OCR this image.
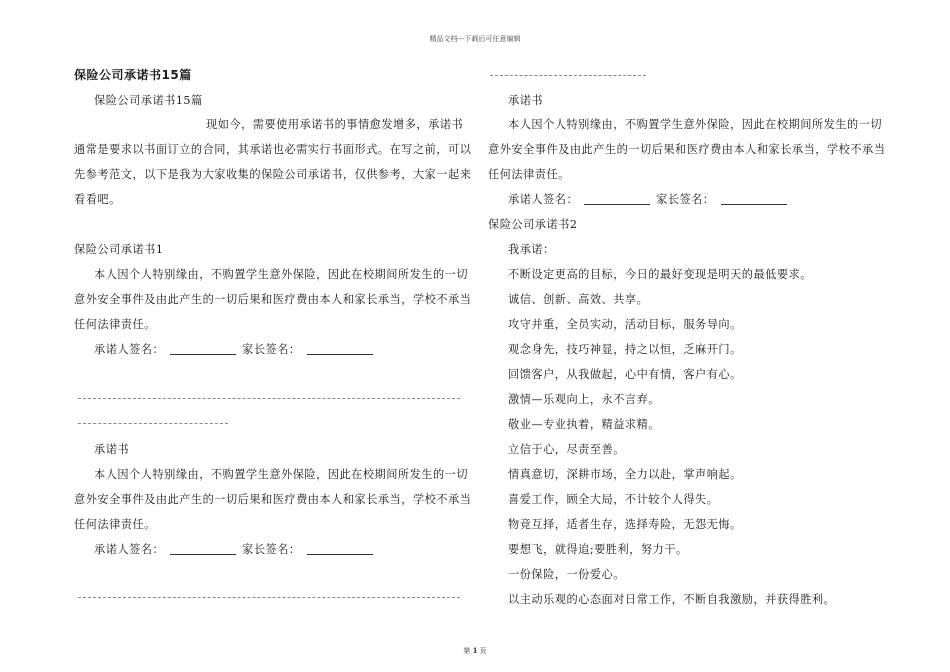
精品文档---下载后可任意编辑
保险公司承诺书15篇
保险公司承诺书15篇
现如今，需要使用承诺书的事情愈发增多，承诺书
通常是要求以书面订立的合同，其承诺也必需实行书面形式。在写之前，可以
先参考范文，以下是我为大家收集的保险公司承诺书，仅供参考，大家一起来
看看吧。
保险公司承诺书1
本人因个人特别缘由，不购置学生意外保险，因此在校期间所发生的一切
意外安全事件及由此产生的一切后果和医疗费由本人和家长承当，学校不承当
任何法律责任。
承诺人签名：	家长签名：
承诺书
本人因个人特别缘由，不购置学生意外保险，因此在校期间所发生的一切
意外安全事件及由此产生的一切后果和医疗费由本人和家长承当，学校不承当
任何法律责任。
承诺人签名：	家长签名：
承诺书
本人因个人特别缘由，不购置学生意外保险，因此在校期间所发生的一切
意外安全事件及由此产生的一切后果和医疗费由本人和家长承当，学校不承当
任何法律责任。
承诺人签名：	家长签名：
保险公司承诺书2
我承诺：
不断设定更高的目标，今日的最好变现是明天的最低要求。
诚信、创新、高效、共享。
攻守并重，全员实动，活动目标，服务导向。
观念身先，技巧神显，持之以恒，乏麻开门。
回馈客户，从我做起，心中有情，客户有心。
激情—乐观向上，永不言弃。
敬业—专业执着，精益求精。
立信于心，尽责至善。
情真意切，深耕市场，全力以赴，掌声响起。
喜爱工作，顾全大局，不计较个人得失。
物竞互择，适者生存，选择寿险，无怨无悔。
要想飞，就得追;要胜利，努力干。
一份保险，一份爱心。
以主动乐观的心态面对日常工作，不断自我激励，并获得胜利。
第 1 页
